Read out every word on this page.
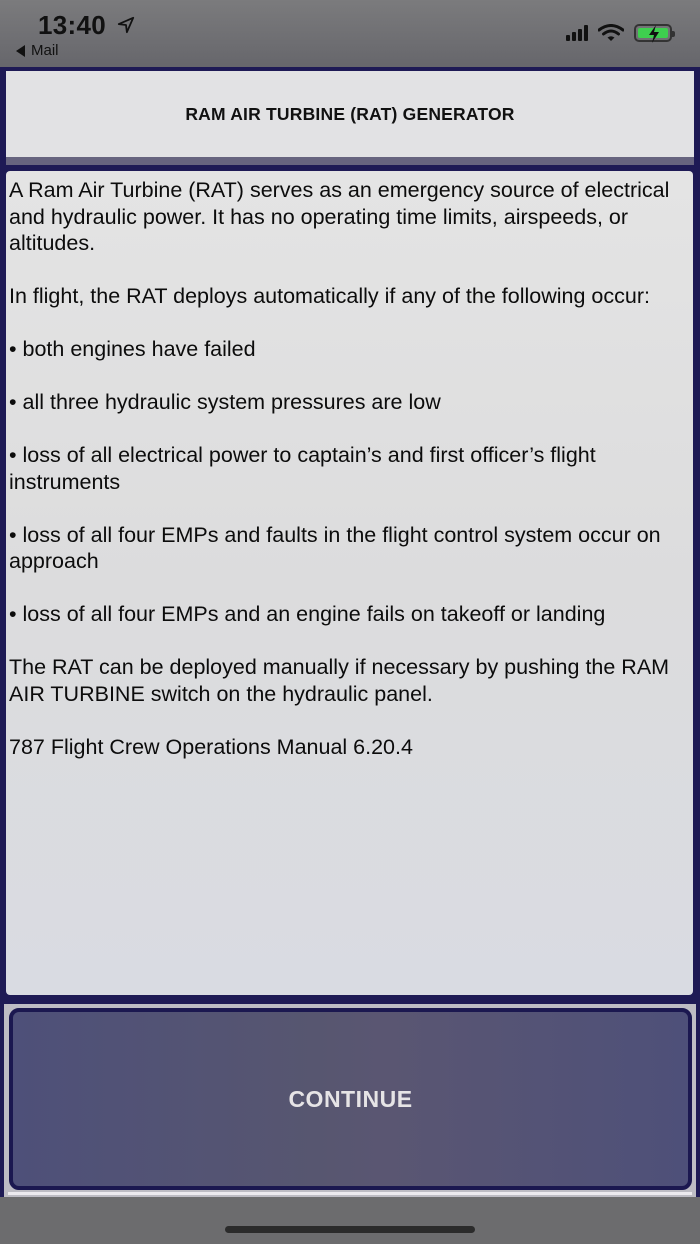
13:40
Mail
RAM AIR TURBINE (RAT) GENERATOR

A Ram Air Turbine (RAT) serves as an emergency source of electrical and hydraulic power. It has no operating time limits, airspeeds, or altitudes.

In flight, the RAT deploys automatically if any of the following occur:

• both engines have failed

• all three hydraulic system pressures are low

• loss of all electrical power to captain’s and first officer’s flight instruments

• loss of all four EMPs and faults in the flight control system occur on approach

• loss of all four EMPs and an engine fails on takeoff or landing

The RAT can be deployed manually if necessary by pushing the RAM AIR TURBINE switch on the hydraulic panel.

787 Flight Crew Operations Manual 6.20.4

CONTINUE
